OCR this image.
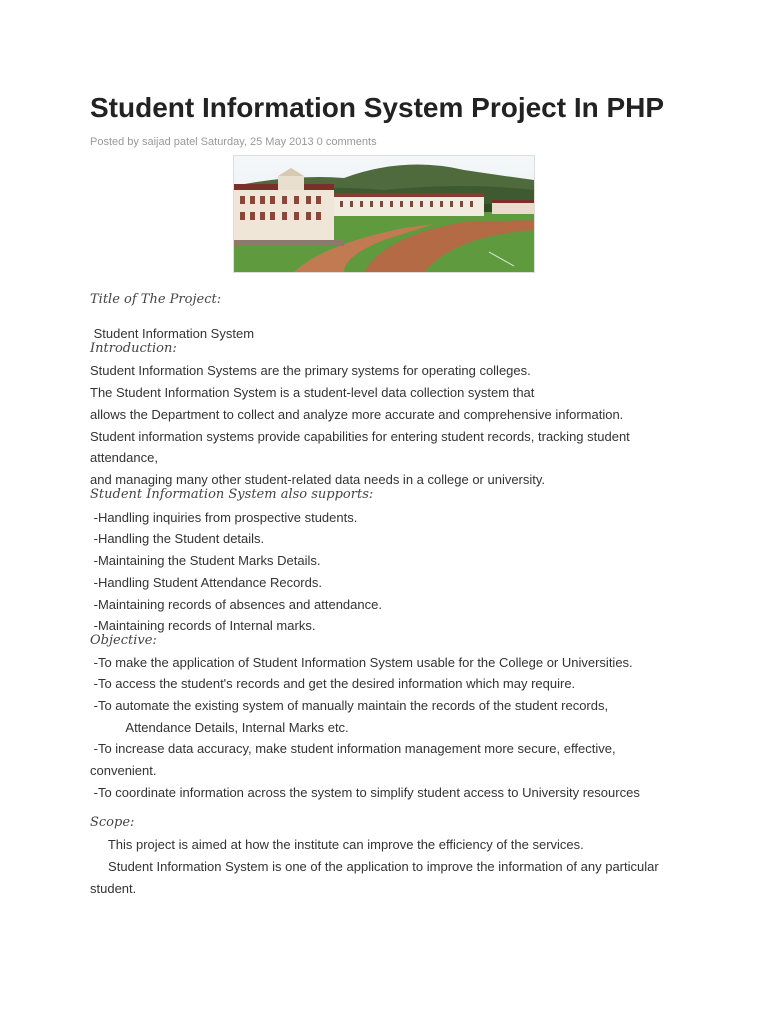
Student Information System Project In PHP
Posted by saijad patel Saturday, 25 May 2013 0 comments
Title of The Project:
Student Information System
Introduction:
Student Information Systems are the primary systems for operating colleges.
The Student Information System is a student-level data collection system that
allows the Department to collect and analyze more accurate and comprehensive information.
Student information systems provide capabilities for entering student records, tracking student
attendance,
and managing many other student-related data needs in a college or university.
Student Information System also supports:
-Handling inquiries from prospective students.
-Handling the Student details.
-Maintaining the Student Marks Details.
-Handling Student Attendance Records.
-Maintaining records of absences and attendance.
-Maintaining records of Internal marks.
Objective:
-To make the application of Student Information System usable for the College or Universities.
-To access the student's records and get the desired information which may require.
-To automate the existing system of manually maintain the records of the student records,
Attendance Details, Internal Marks etc.
-To increase data accuracy, make student information management more secure, effective,
convenient.
-To coordinate information across the system to simplify student access to University resources
Scope:
This project is aimed at how the institute can improve the efficiency of the services.
Student Information System is one of the application to improve the information of any particular
student.
